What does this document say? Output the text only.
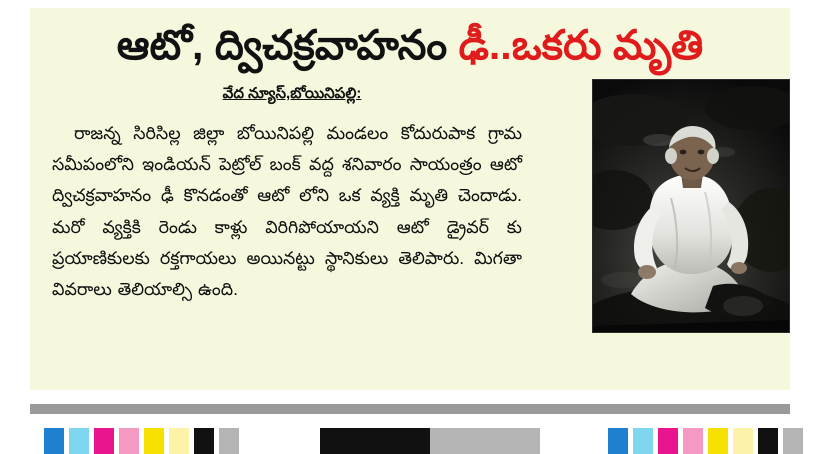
ఆటో, ద్విచక్రవాహనం ఢీ..ఒకరు మృతి
వేద న్యూస్,బోయినిపల్లి:

రాజన్న సిరిసిల్ల జిల్లా బోయినిపల్లి మండలం కోదురుపాక గ్రామ సమీపంలోని ఇండియన్ పెట్రోల్ బంక్ వద్ద శనివారం సాయంత్రం ఆటో ద్విచక్రవాహనం ఢీ కొనడంతో ఆటో లోని ఒక వ్యక్తి మృతి చెందాడు. మరో వ్యక్తికి రెండు కాళ్లు విరిగిపోయాయని ఆటో డ్రైవర్ కు ప్రయాణికులకు రక్తగాయలు అయినట్టు స్థానికులు తెలిపారు. మిగతా వివరాలు తెలియాల్సి ఉంది.
